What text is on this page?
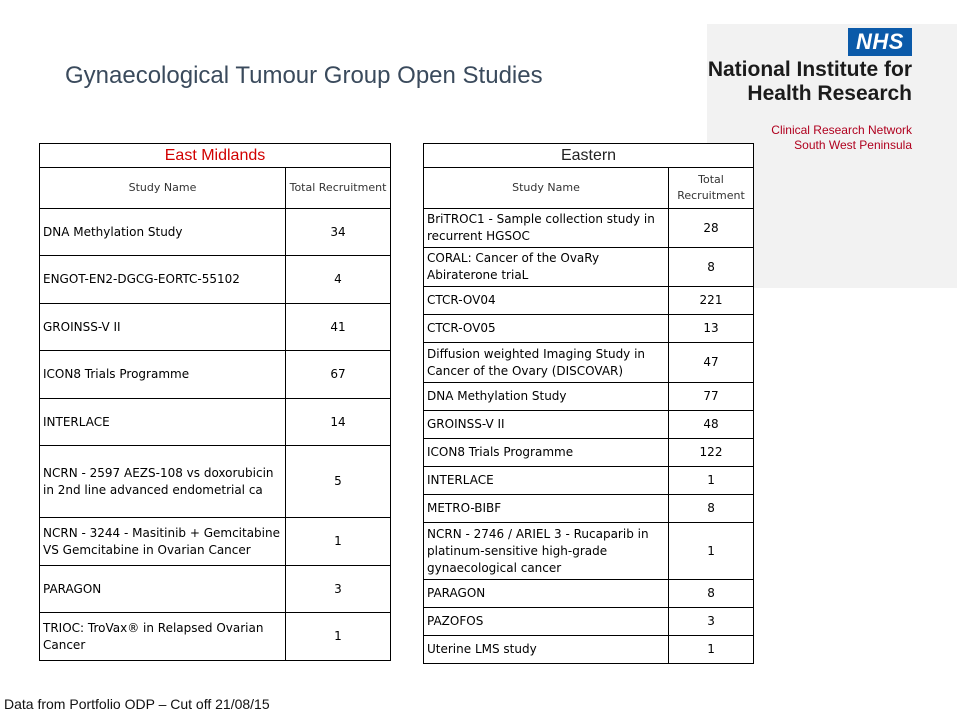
NHS
National Institute for
Health Research
Clinical Research Network
South West Peninsula
Gynaecological Tumour Group Open Studies
East Midlands	
Study Name	Total Recruitment
DNA Methylation Study	34
ENGOT-EN2-DGCG-EORTC-55102	4
GROINSS-V II	41
ICON8 Trials Programme	67
INTERLACE	14
NCRN - 2597 AEZS-108 vs doxorubicin in 2nd line advanced endometrial ca	5
NCRN - 3244 - Masitinib + Gemcitabine VS Gemcitabine in Ovarian Cancer	1
PARAGON	3
TRIOC: TroVax® in Relapsed Ovarian Cancer	1
Eastern	
Study Name	Total Recruitment
BriTROC1 - Sample collection study in recurrent HGSOC	28
CORAL: Cancer of the OvaRy Abiraterone triaL	8
CTCR-OV04	221
CTCR-OV05	13
Diffusion weighted Imaging Study in Cancer of the Ovary (DISCOVAR)	47
DNA Methylation Study	77
GROINSS-V II	48
ICON8 Trials Programme	122
INTERLACE	1
METRO-BIBF	8
NCRN - 2746 / ARIEL 3 - Rucaparib in platinum-sensitive high-grade gynaecological cancer	1
PARAGON	8
PAZOFOS	3
Uterine LMS study	1
Data from Portfolio ODP – Cut off 21/08/15
